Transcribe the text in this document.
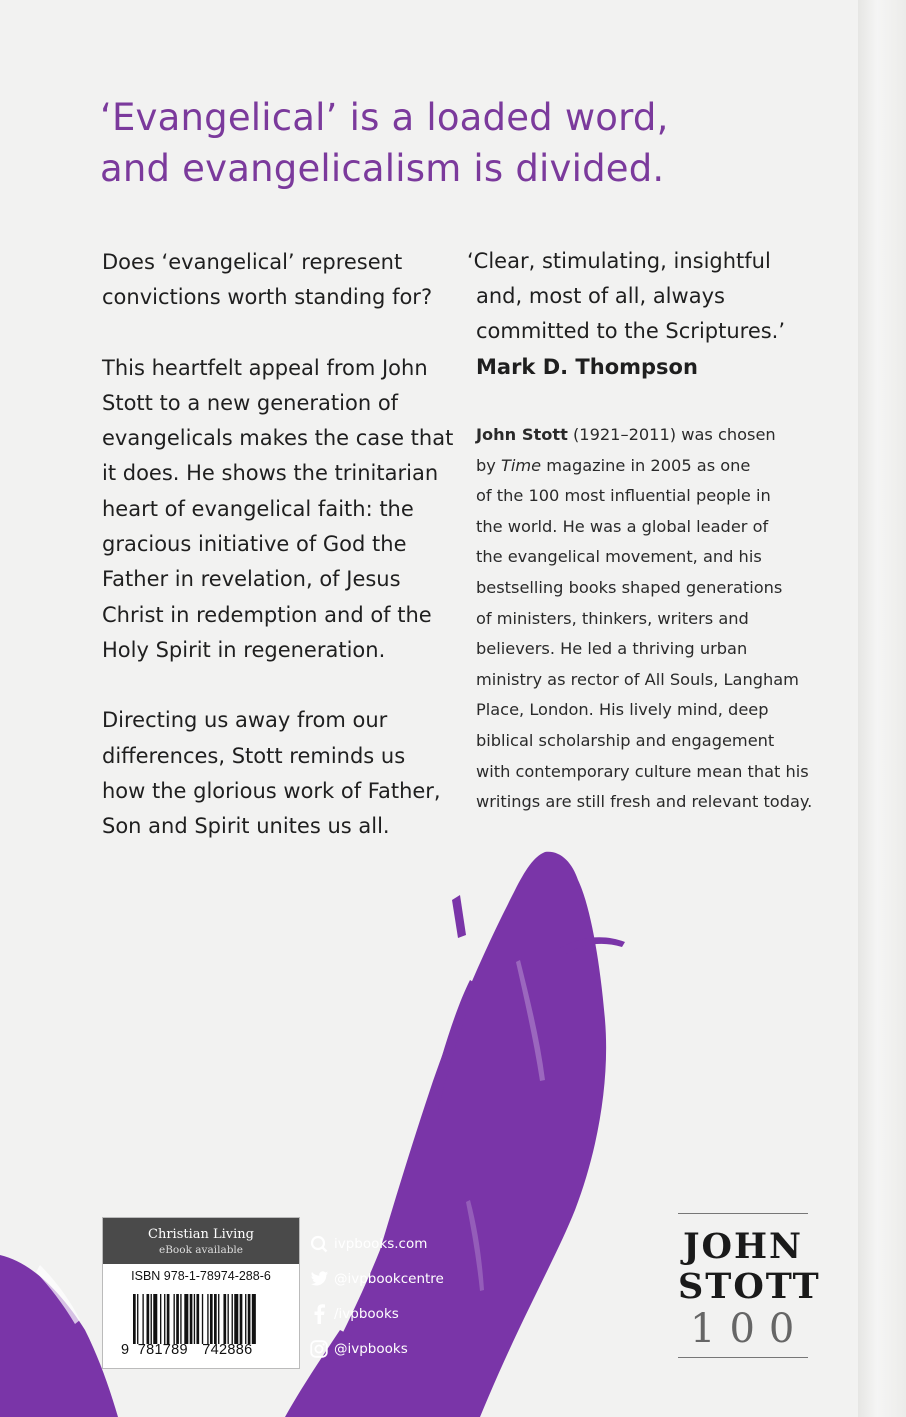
‘Evangelical’ is a loaded word,
and evangelicalism is divided.

Does ‘evangelical’ represent
convictions worth standing for?

This heartfelt appeal from John
Stott to a new generation of
evangelicals makes the case that
it does. He shows the trinitarian
heart of evangelical faith: the
gracious initiative of God the
Father in revelation, of Jesus
Christ in redemption and of the
Holy Spirit in regeneration.

Directing us away from our
differences, Stott reminds us
how the glorious work of Father,
Son and Spirit unites us all.

‘Clear, stimulating, insightful
and, most of all, always
committed to the Scriptures.’
Mark D. Thompson
John Stott (1921–2011) was chosen
by Time magazine in 2005 as one
of the 100 most influential people in
the world. He was a global leader of
the evangelical movement, and his
bestselling books shaped generations
of ministers, thinkers, writers and
believers. He led a thriving urban
ministry as rector of All Souls, Langham
Place, London. His lively mind, deep
biblical scholarship and engagement
with contemporary culture mean that his
writings are still fresh and relevant today.
Christian Living
eBook available
ISBN 978-1-78974-288-6
9 781789 742886
ivpbooks.com
@ivpbookcentre
/ivpbooks
@ivpbooks
JOHN
STOTT
100
